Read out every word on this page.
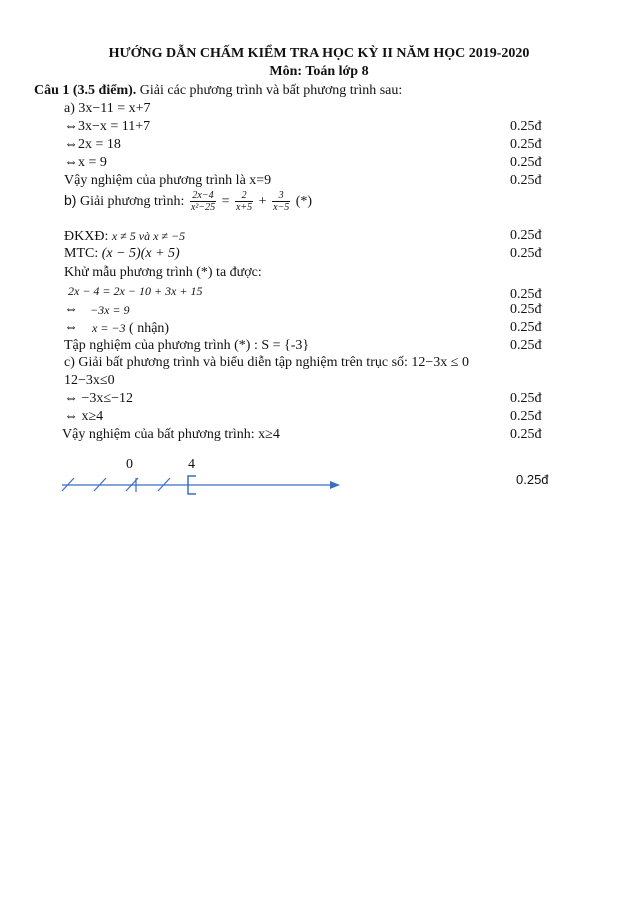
HƯỚNG DẪN CHẤM KIỂM TRA HỌC KỲ II NĂM HỌC 2019-2020
Môn: Toán lớp 8
Câu 1 (3.5 điểm). Giải các phương trình và bất phương trình sau:
a) 3x−11 = x+7
⇔3x−x = 11+7	0.25đ
⇔2x = 18	0.25đ
⇔x = 9	0.25đ
Vậy nghiệm của phương trình là x=9	0.25đ
b) Giải phương trình: $\frac{2x-4}{\text{x²−25}} = \frac{2}{x+5} + \frac{3}{x-5}$ (*)
ĐKXĐ: x ≠ 5 và x ≠ −5	0.25đ
MTC: (x − 5)(x + 5)	0.25đ
Khử mẫu phương trình (*) ta được:
2x − 4 = 2x − 10 + 3x + 15	0.25đ
⇔ −3x = 9	0.25đ
⇔ x = −3 ( nhận)	0.25đ
Tập nghiệm của phương trình (*) : S = {-3}	0.25đ
c) Giải bất phương trình và biểu diễn tập nghiệm trên trục số: 12−3x ≤ 0
12−3x≤0
⇔ −3x≤−12	0.25đ
⇔ x≥4	0.25đ
Vậy nghiệm của bất phương trình: x≥4	0.25đ
0	4
0.25đ
